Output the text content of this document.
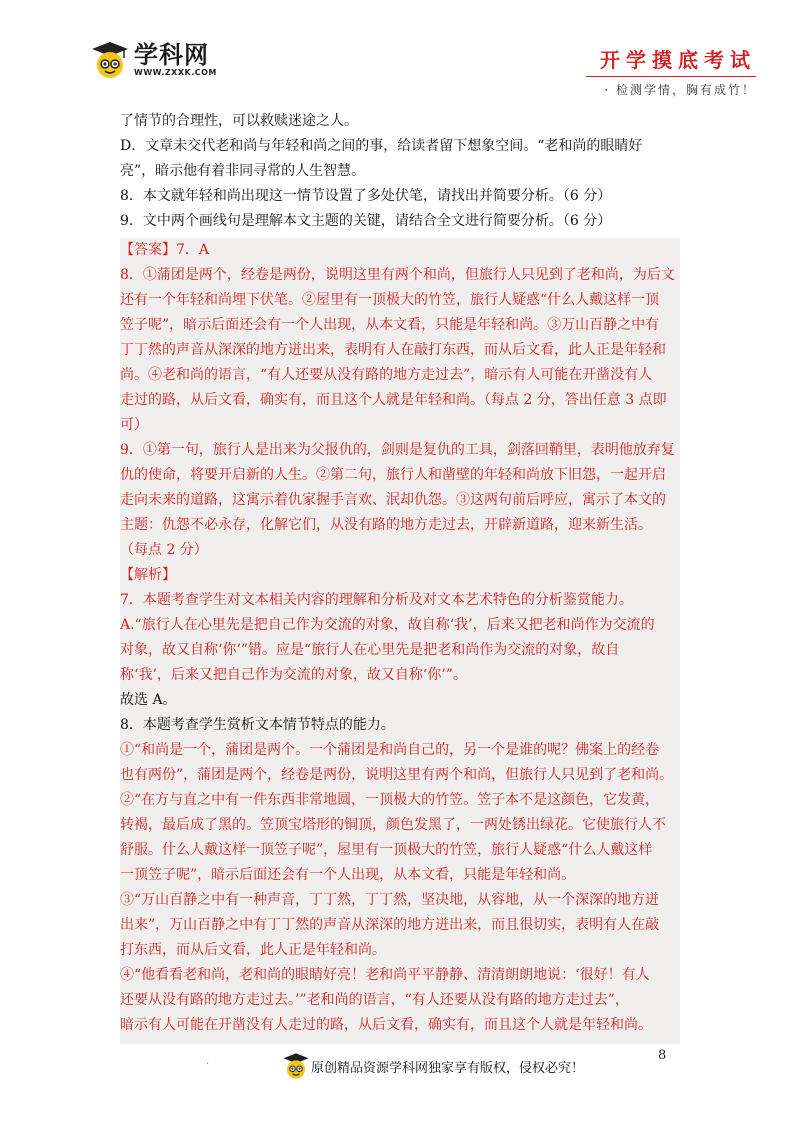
学科网
WWW.ZXXK.COM
开学摸底考试
· 检测学情，胸有成竹！

了情节的合理性，可以救赎迷途之人。

D．文章未交代老和尚与年轻和尚之间的事，给读者留下想象空间。“老和尚的眼睛好

亮”，暗示他有着非同寻常的人生智慧。

8．本文就年轻和尚出现这一情节设置了多处伏笔，请找出并简要分析。（6 分）

9．文中两个画线句是理解本文主题的关键，请结合全文进行简要分析。（6 分）

【答案】7．A

8．①蒲团是两个，经卷是两份，说明这里有两个和尚，但旅行人只见到了老和尚，为后文

还有一个年轻和尚埋下伏笔。②屋里有一顶极大的竹笠，旅行人疑惑“什么人戴这样一顶

笠子呢”，暗示后面还会有一个人出现，从本文看，只能是年轻和尚。③万山百静之中有

丁丁然的声音从深深的地方迸出来，表明有人在敲打东西，而从后文看，此人正是年轻和

尚。④老和尚的语言，“有人还要从没有路的地方走过去”，暗示有人可能在开凿没有人

走过的路，从后文看，确实有，而且这个人就是年轻和尚。（每点 2 分，答出任意 3 点即

可）

9．①第一句，旅行人是出来为父报仇的，剑则是复仇的工具，剑落回鞘里，表明他放弃复

仇的使命，将要开启新的人生。②第二句，旅行人和凿壁的年轻和尚放下旧怨，一起开启

走向未来的道路，这寓示着仇家握手言欢、泯却仇怨。③这两句前后呼应，寓示了本文的

主题：仇怨不必永存，化解它们，从没有路的地方走过去，开辟新道路，迎来新生活。

（每点 2 分）

【解析】

7．本题考查学生对文本相关内容的理解和分析及对文本艺术特色的分析鉴赏能力。

A.“旅行人在心里先是把自己作为交流的对象，故自称‘我’，后来又把老和尚作为交流的

对象，故又自称‘你’”错。应是“旅行人在心里先是把老和尚作为交流的对象，故自

称‘我’，后来又把自己作为交流的对象，故又自称‘你’”。

故选 A。

8．本题考查学生赏析文本情节特点的能力。

①“和尚是一个，蒲团是两个。一个蒲团是和尚自己的，另一个是谁的呢？佛案上的经卷

也有两份”，蒲团是两个，经卷是两份，说明这里有两个和尚，但旅行人只见到了老和尚。

②“在方与直之中有一件东西非常地圆，一顶极大的竹笠。笠子本不是这颜色，它发黄，

转褐，最后成了黑的。笠顶宝塔形的铜顶，颜色发黑了，一两处锈出绿花。它使旅行人不

舒服。什么人戴这样一顶笠子呢”，屋里有一顶极大的竹笠，旅行人疑惑“什么人戴这样

一顶笠子呢”，暗示后面还会有一个人出现，从本文看，只能是年轻和尚。

③“万山百静之中有一种声音，丁丁然，丁丁然，坚决地，从容地，从一个深深的地方迸

出来”，万山百静之中有丁丁然的声音从深深的地方迸出来，而且很切实，表明有人在敲

打东西，而从后文看，此人正是年轻和尚。

④“他看看老和尚，老和尚的眼睛好亮！老和尚平平静静、清清朗朗地说：‘很好！有人

还要从没有路的地方走过去。’”老和尚的语言，“有人还要从没有路的地方走过去”，

暗示有人可能在开凿没有人走过的路，从后文看，确实有，而且这个人就是年轻和尚。

.	8
原创精品资源学科网独家享有版权，侵权必究！
